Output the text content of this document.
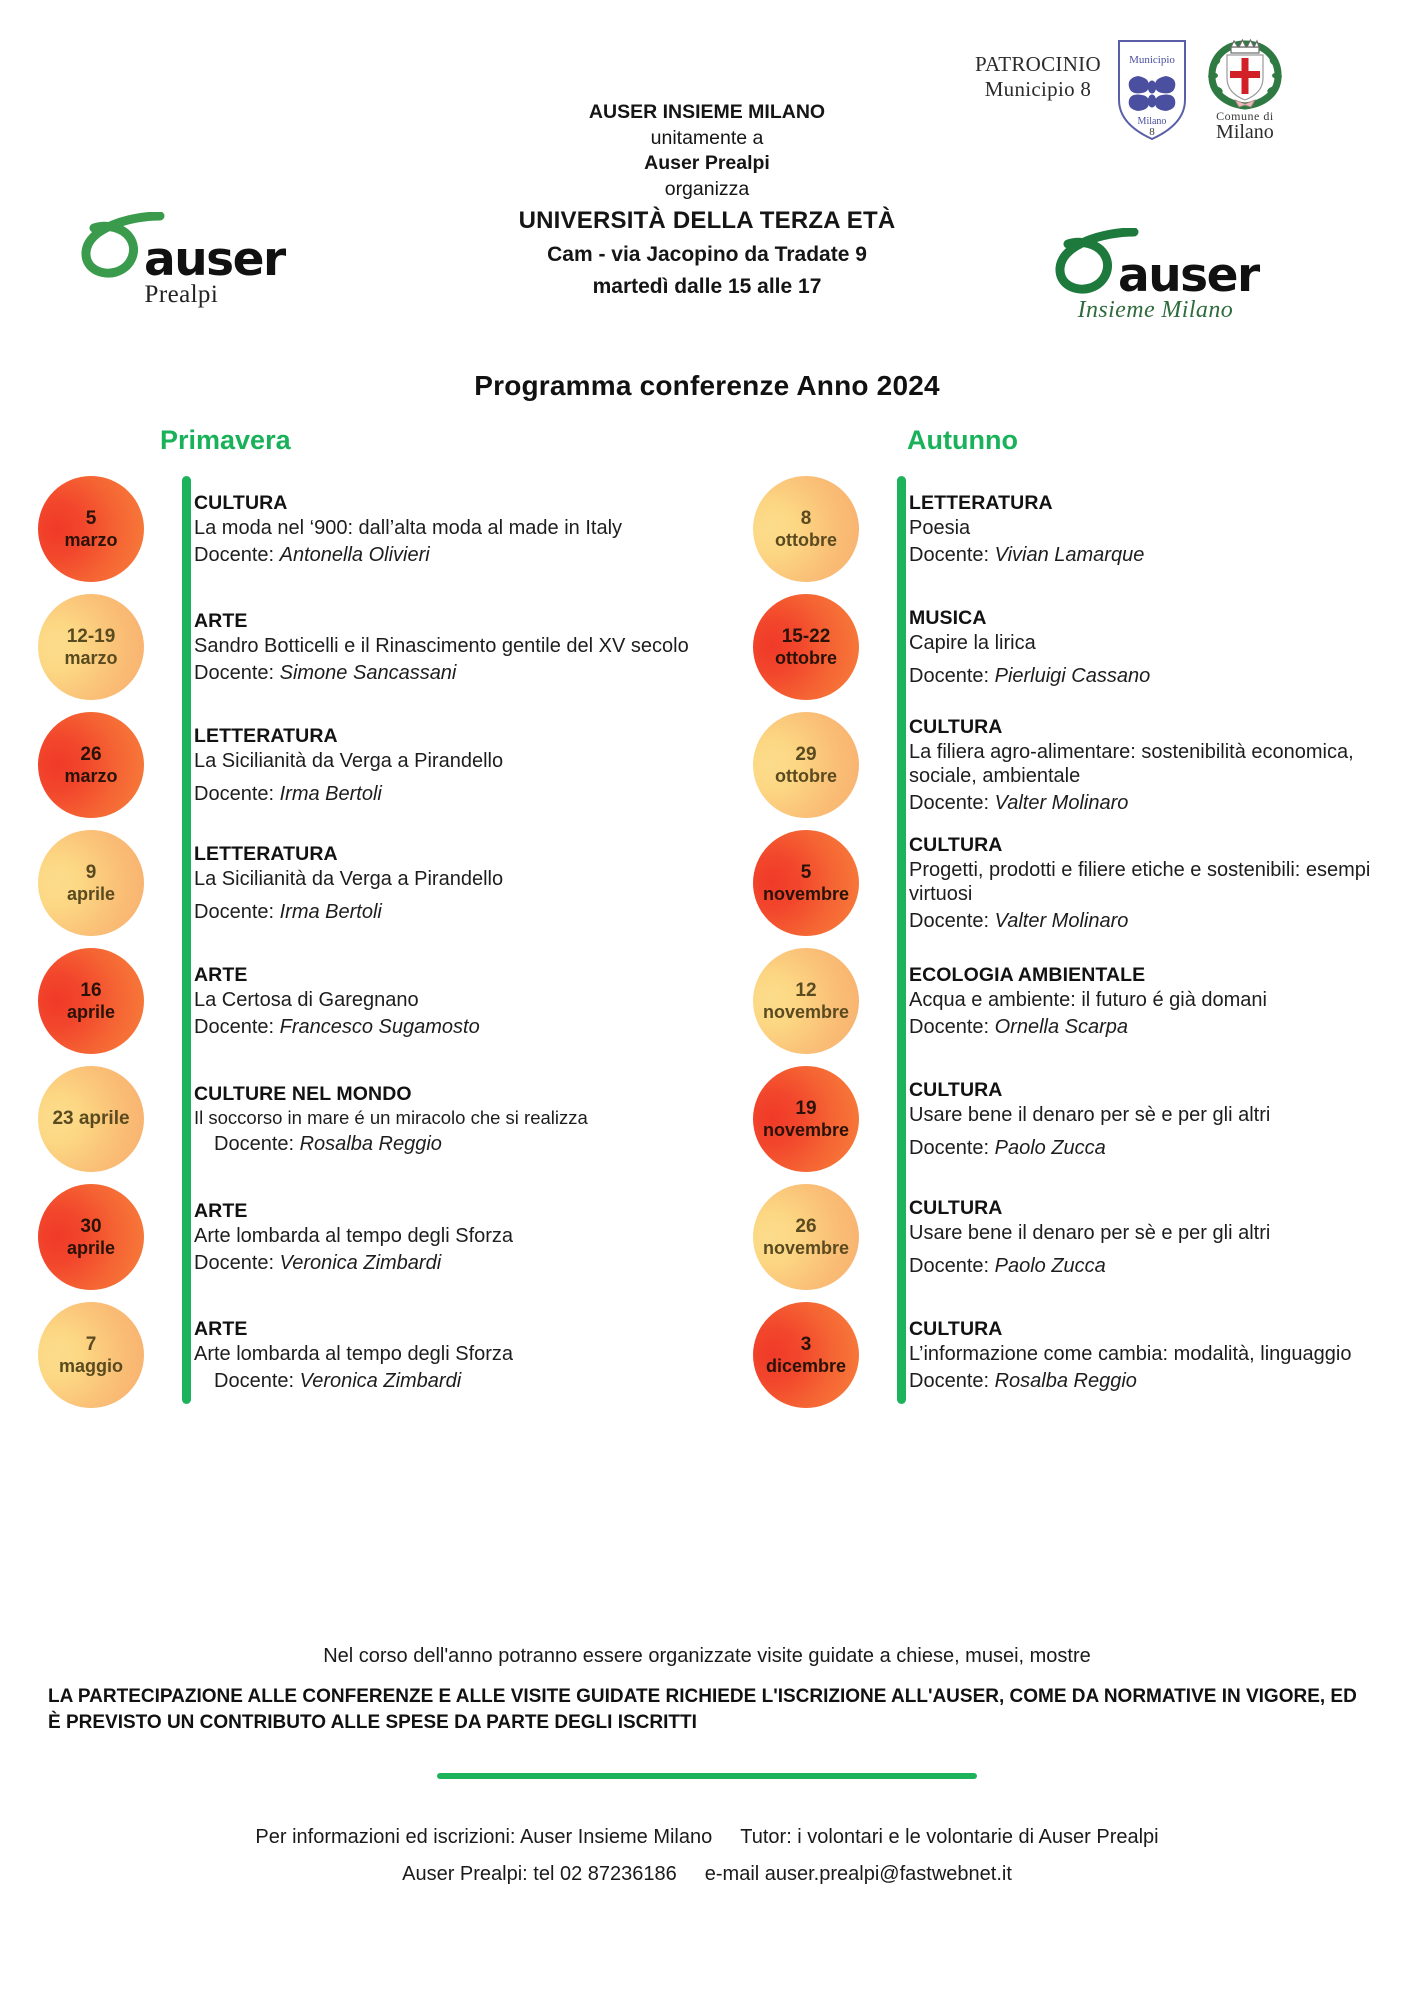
PATROCINIO
Municipio 8
Municipio
Milano
8
Comune di
Milano
AUSER INSIEME MILANO
unitamente a
Auser Prealpi
organizza
UNIVERSITÀ DELLA TERZA ETÀ
Cam - via Jacopino da Tradate 9
martedì dalle 15 alle 17
auser
Prealpi	auser
Insieme Milano
Programma conferenze Anno 2024
Primavera
5
marzo
CULTURA
La moda nel ‘900: dall’alta moda al made in Italy
Docente: Antonella Olivieri
12-19
marzo
ARTE
Sandro Botticelli e il Rinascimento gentile del XV secolo
Docente: Simone Sancassani
26
marzo
LETTERATURA
La Sicilianità da Verga a Pirandello
Docente: Irma Bertoli
9
aprile
LETTERATURA
La Sicilianità da Verga a Pirandello
Docente: Irma Bertoli
16
aprile
ARTE
La Certosa di Garegnano
Docente: Francesco Sugamosto
23 aprile
CULTURE NEL MONDO
Il soccorso in mare é un miracolo che si realizza
Docente: Rosalba Reggio
30
aprile
ARTE
Arte lombarda al tempo degli Sforza
Docente: Veronica Zimbardi
7
maggio
ARTE
Arte lombarda al tempo degli Sforza
Docente: Veronica Zimbardi
Autunno
8
ottobre
LETTERATURA
Poesia
Docente: Vivian Lamarque
15-22
ottobre
MUSICA
Capire la lirica
Docente: Pierluigi Cassano
29
ottobre
CULTURA
La filiera agro-alimentare: sostenibilità economica, sociale, ambientale
Docente: Valter Molinaro
5
novembre
CULTURA
Progetti, prodotti e filiere etiche e sostenibili: esempi virtuosi
Docente: Valter Molinaro
12
novembre
ECOLOGIA AMBIENTALE
Acqua e ambiente: il futuro é già domani
Docente: Ornella Scarpa
19
novembre
CULTURA
Usare bene il denaro per sè e per gli altri
Docente: Paolo Zucca
26
novembre
CULTURA
Usare bene il denaro per sè e per gli altri
Docente: Paolo Zucca
3
dicembre
CULTURA
L’informazione come cambia: modalità, linguaggio
Docente: Rosalba Reggio
Nel corso dell'anno potranno essere organizzate visite guidate a chiese, musei, mostre
LA PARTECIPAZIONE ALLE CONFERENZE E ALLE VISITE GUIDATE RICHIEDE L'ISCRIZIONE ALL'AUSER, COME DA NORMATIVE IN VIGORE, ED È PREVISTO UN CONTRIBUTO ALLE SPESE DA PARTE DEGLI ISCRITTI
Per informazioni ed iscrizioni: Auser Insieme Milano Tutor: i volontari e le volontarie di Auser Prealpi
Auser Prealpi: tel 02 87236186 e-mail auser.prealpi@fastwebnet.it
